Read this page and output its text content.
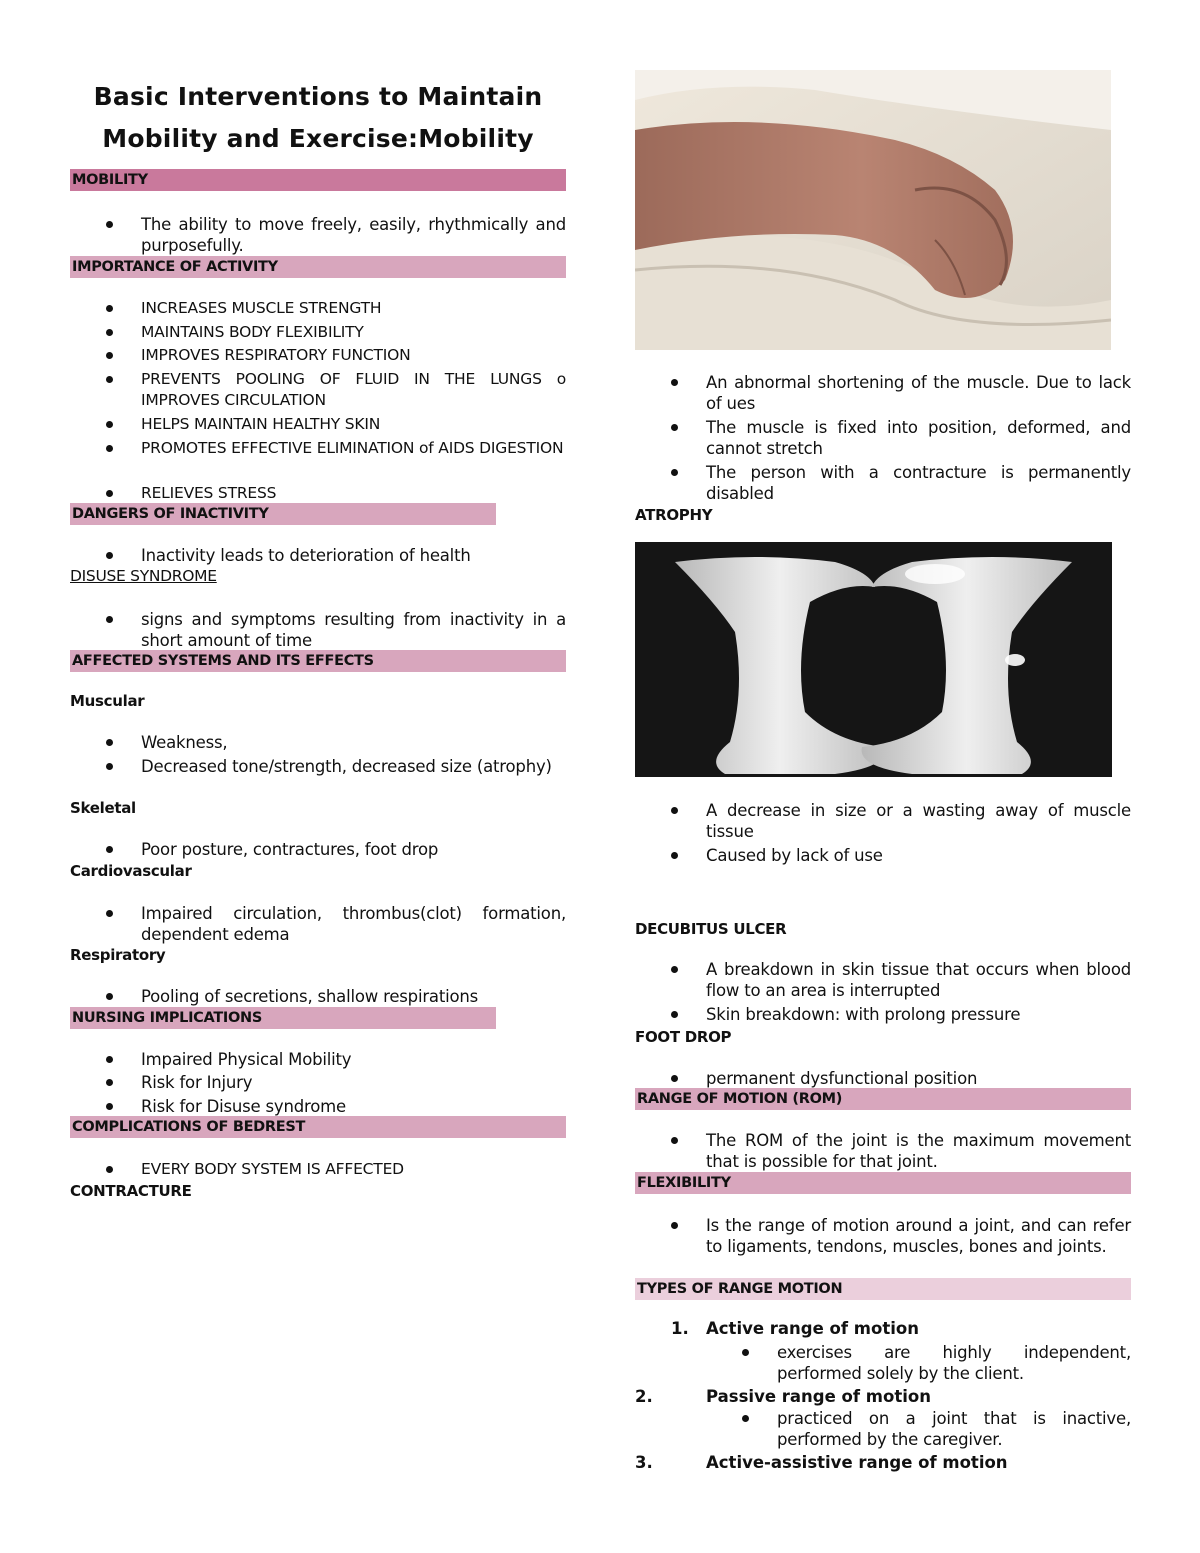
Basic Interventions to Maintain
Mobility and Exercise:Mobility
MOBILITY
The ability to move freely, easily, rhythmically and purposefully.
IMPORTANCE OF ACTIVITY
INCREASES MUSCLE STRENGTH
MAINTAINS BODY FLEXIBILITY
IMPROVES RESPIRATORY FUNCTION
PREVENTS POOLING OF FLUID IN THE LUNGS o IMPROVES CIRCULATION
HELPS MAINTAIN HEALTHY SKIN
PROMOTES EFFECTIVE ELIMINATION of AIDS DIGESTION
RELIEVES STRESS
DANGERS OF INACTIVITY
Inactivity leads to deterioration of health
DISUSE SYNDROME
signs and symptoms resulting from inactivity in a short amount of time
AFFECTED SYSTEMS AND ITS EFFECTS
Muscular
Weakness,
Decreased tone/strength, decreased size (atrophy)
Skeletal
Poor posture, contractures, foot drop
Cardiovascular
Impaired circulation, thrombus(clot) formation, dependent edema
Respiratory
Pooling of secretions, shallow respirations
NURSING IMPLICATIONS
Impaired Physical Mobility
Risk for Injury
Risk for Disuse syndrome
COMPLICATIONS OF BEDREST
EVERY BODY SYSTEM IS AFFECTED
CONTRACTURE
An abnormal shortening of the muscle. Due to lack of ues
The muscle is fixed into position, deformed, and cannot stretch
The person with a contracture is permanently disabled
ATROPHY
A decrease in size or a wasting away of muscle tissue
Caused by lack of use
DECUBITUS ULCER
A breakdown in skin tissue that occurs when blood flow to an area is interrupted
Skin breakdown: with prolong pressure
FOOT DROP
permanent dysfunctional position
RANGE OF MOTION (ROM)
The ROM of the joint is the maximum movement that is possible for that joint.
FLEXIBILITY
Is the range of motion around a joint, and can refer to ligaments, tendons, muscles, bones and joints.
TYPES OF RANGE MOTION
1. Active range of motion
exercises are highly independent, performed solely by the client.
2.	Passive range of motion
practiced on a joint that is inactive, performed by the caregiver.
3.	Active-assistive range of motion
